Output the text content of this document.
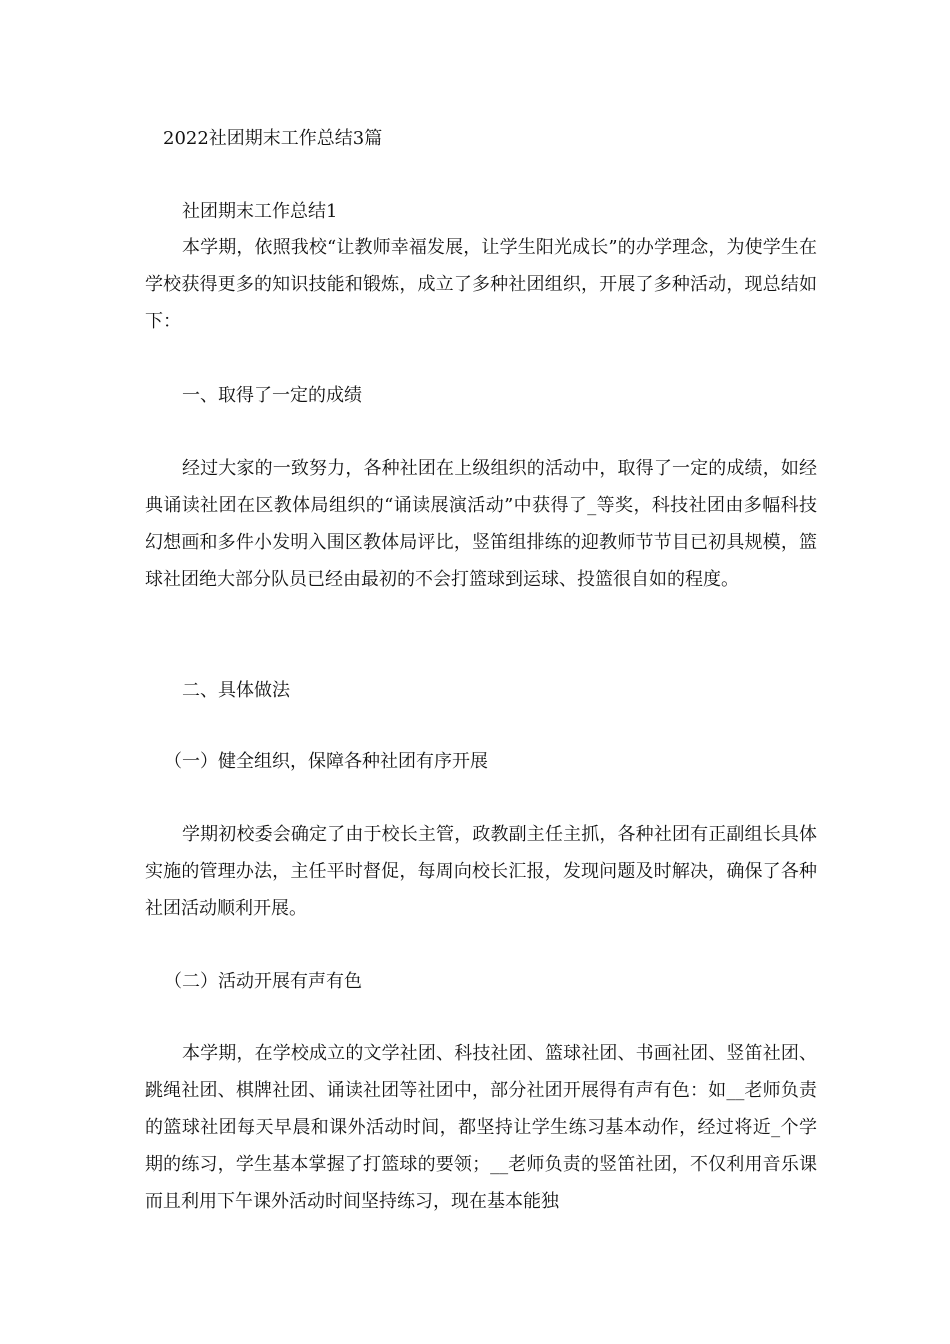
2022社团期末工作总结3篇
社团期末工作总结1
本学期，依照我校“让教师幸福发展，让学生阳光成长”的办学理念，为使学生在学校获得更多的知识技能和锻炼，成立了多种社团组织，开展了多种活动，现总结如下：
一、取得了一定的成绩
经过大家的一致努力，各种社团在上级组织的活动中，取得了一定的成绩，如经典诵读社团在区教体局组织的“诵读展演活动”中获得了_等奖，科技社团由多幅科技幻想画和多件小发明入围区教体局评比，竖笛组排练的迎教师节节目已初具规模，篮球社团绝大部分队员已经由最初的不会打篮球到运球、投篮很自如的程度。
二、具体做法
（一）健全组织，保障各种社团有序开展
学期初校委会确定了由于校长主管，政教副主任主抓，各种社团有正副组长具体实施的管理办法，主任平时督促，每周向校长汇报，发现问题及时解决，确保了各种社团活动顺利开展。
（二）活动开展有声有色
本学期，在学校成立的文学社团、科技社团、篮球社团、书画社团、竖笛社团、跳绳社团、棋牌社团、诵读社团等社团中，部分社团开展得有声有色：如__老师负责的篮球社团每天早晨和课外活动时间，都坚持让学生练习基本动作，经过将近_个学期的练习，学生基本掌握了打篮球的要领；__老师负责的竖笛社团，不仅利用音乐课而且利用下午课外活动时间坚持练习，现在基本能独
